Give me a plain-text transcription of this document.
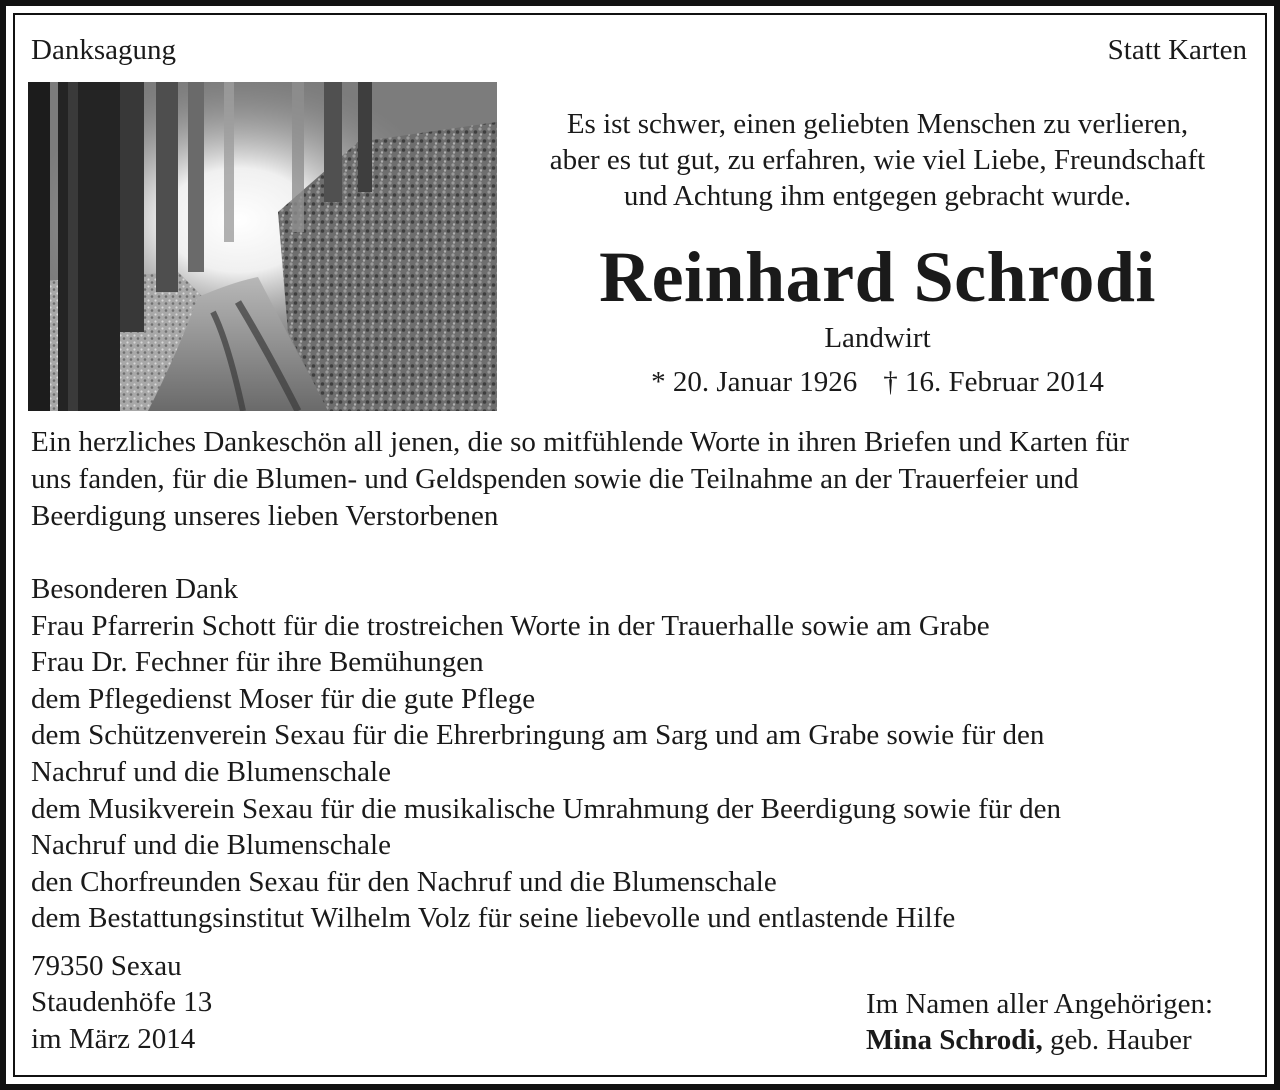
Danksagung	Statt Karten
Es ist schwer, einen geliebten Menschen zu verlieren,
aber es tut gut, zu erfahren, wie viel Liebe, Freundschaft
und Achtung ihm entgegen gebracht wurde.
Reinhard Schrodi
Landwirt
* 20. Januar 1926 † 16. Februar 2014
Ein herzliches Dankeschön all jenen, die so mitfühlende Worte in ihren Briefen und Karten für
uns fanden, für die Blumen- und Geldspenden sowie die Teilnahme an der Trauerfeier und
Beerdigung unseres lieben Verstorbenen
Besonderen Dank
Frau Pfarrerin Schott für die trostreichen Worte in der Trauerhalle sowie am Grabe
Frau Dr. Fechner für ihre Bemühungen
dem Pflegedienst Moser für die gute Pflege
dem Schützenverein Sexau für die Ehrerbringung am Sarg und am Grabe sowie für den
Nachruf und die Blumenschale
dem Musikverein Sexau für die musikalische Umrahmung der Beerdigung sowie für den
Nachruf und die Blumenschale
den Chorfreunden Sexau für den Nachruf und die Blumenschale
dem Bestattungsinstitut Wilhelm Volz für seine liebevolle und entlastende Hilfe
79350 Sexau
Staudenhöfe 13
im März 2014
Im Namen aller Angehörigen:
Mina Schrodi, geb. Hauber
